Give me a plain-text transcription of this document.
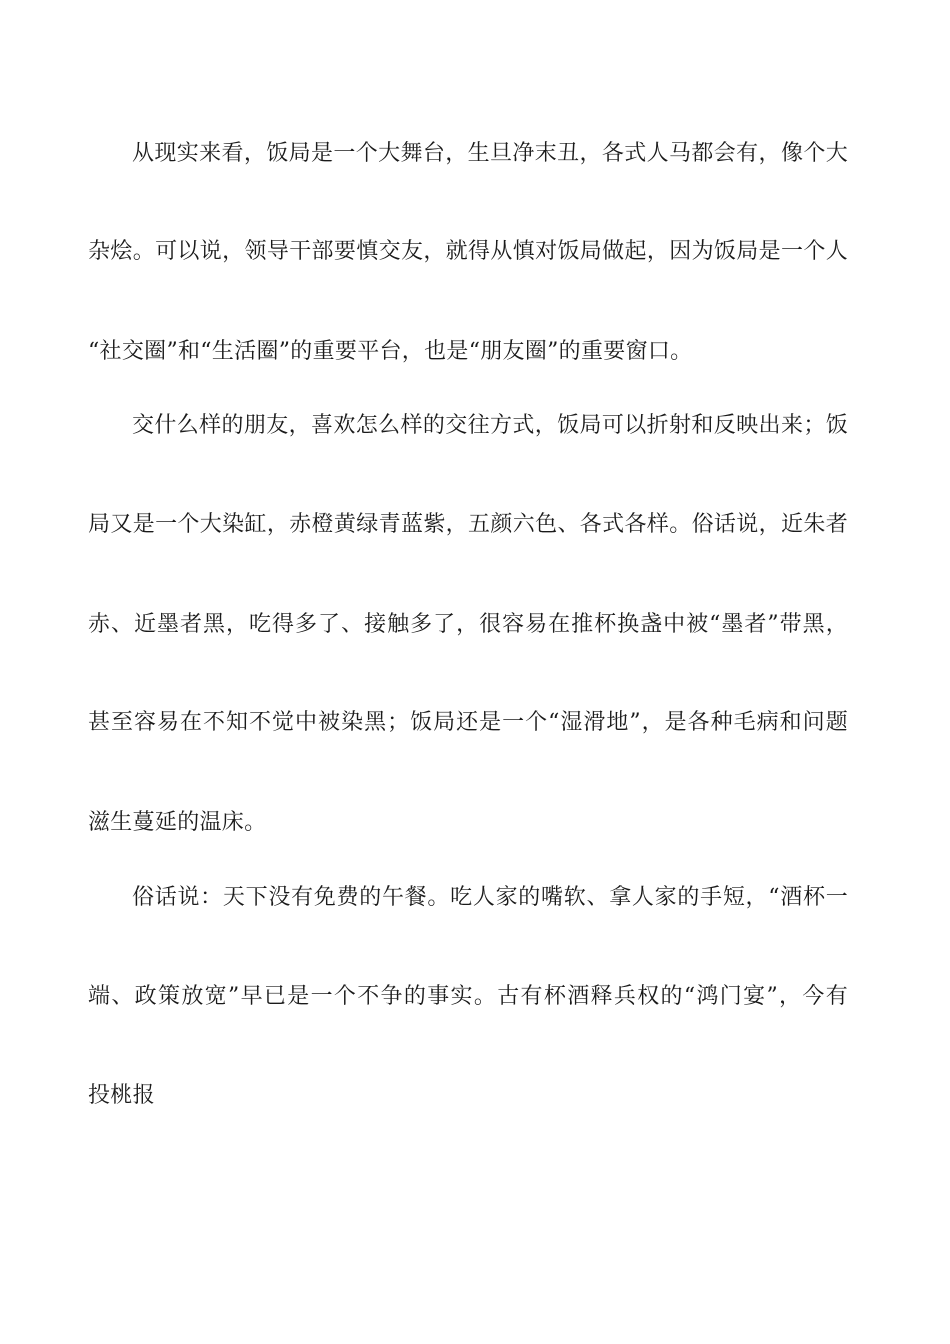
从现实来看，饭局是一个大舞台，生旦净末丑，各式人马都会有，像个大
杂烩。可以说，领导干部要慎交友，就得从慎对饭局做起，因为饭局是一个人
“社交圈”和“生活圈”的重要平台，也是“朋友圈”的重要窗口。
交什么样的朋友，喜欢怎么样的交往方式，饭局可以折射和反映出来；饭
局又是一个大染缸，赤橙黄绿青蓝紫，五颜六色、各式各样。俗话说，近朱者
赤、近墨者黑，吃得多了、接触多了，很容易在推杯换盏中被“墨者”带黑，
甚至容易在不知不觉中被染黑；饭局还是一个“湿滑地”，是各种毛病和问题
滋生蔓延的温床。
俗话说：天下没有免费的午餐。吃人家的嘴软、拿人家的手短，“酒杯一
端、政策放宽”早已是一个不争的事实。古有杯酒释兵权的“鸿门宴”，今有
投桃报
